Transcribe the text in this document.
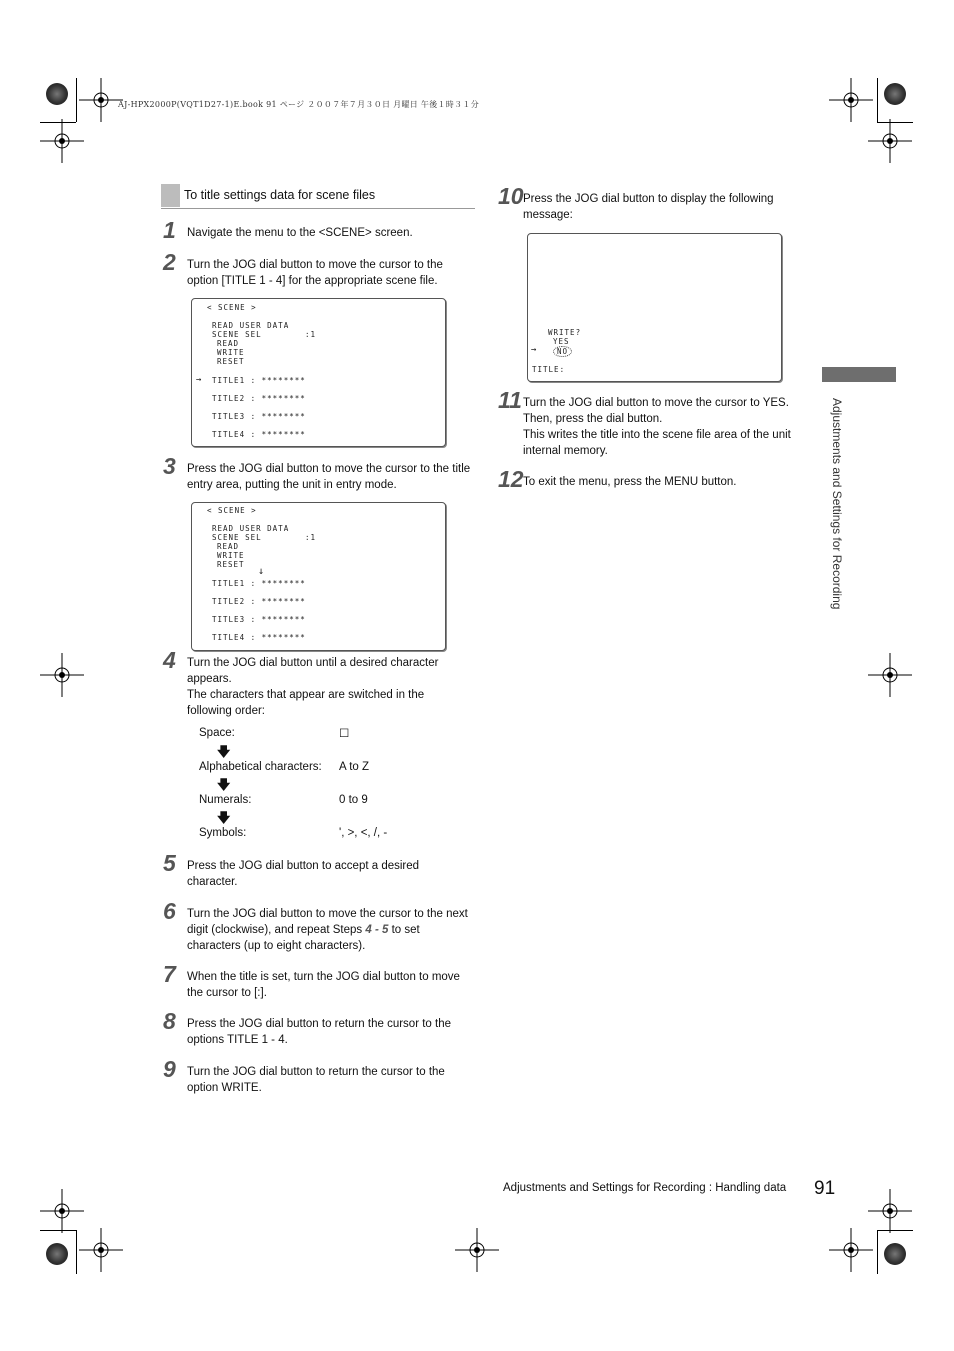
AJ-HPX2000P(VQT1D27-1)E.book 91 ページ ２００７年７月３０日 月曜日 午後１時３１分
To title settings data for scene files
1 Navigate the menu to the <SCENE> screen.
2 Turn the JOG dial button to move the cursor to the option [TITLE 1 - 4] for the appropriate scene file.
< SCENE >
READ USER DATA
SCENE SEL	:1
READ
WRITE
RESET
→ TITLE1 : ********
TITLE2 : ********
TITLE3 : ********
TITLE4 : ********
3 Press the JOG dial button to move the cursor to the title entry area, putting the unit in entry mode.
< SCENE >
READ USER DATA
SCENE SEL	:1
READ
WRITE
RESET
↓
TITLE1 : ********
TITLE2 : ********
TITLE3 : ********
TITLE4 : ********
4 Turn the JOG dial button until a desired character appears.
The characters that appear are switched in the following order:
Space:	☐
🡇
Alphabetical characters: A to Z
🡇
Numerals:	0 to 9
🡇
Symbols:	', >, <, /, -
5 Press the JOG dial button to accept a desired character.
6 Turn the JOG dial button to move the cursor to the next digit (clockwise), and repeat Steps 4 - 5 to set characters (up to eight characters).
7 When the title is set, turn the JOG dial button to move the cursor to [:].
8 Press the JOG dial button to return the cursor to the options TITLE 1 - 4.
9 Turn the JOG dial button to return the cursor to the option WRITE.
10 Press the JOG dial button to display the following message:
WRITE?
YES
→	NO
TITLE:
11 Turn the JOG dial button to move the cursor to YES. Then, press the dial button.
This writes the title into the scene file area of the unit internal memory.
12 To exit the menu, press the MENU button.	Adjustments and Settings for Recording
Adjustments and Settings for Recording : Handling data 91
